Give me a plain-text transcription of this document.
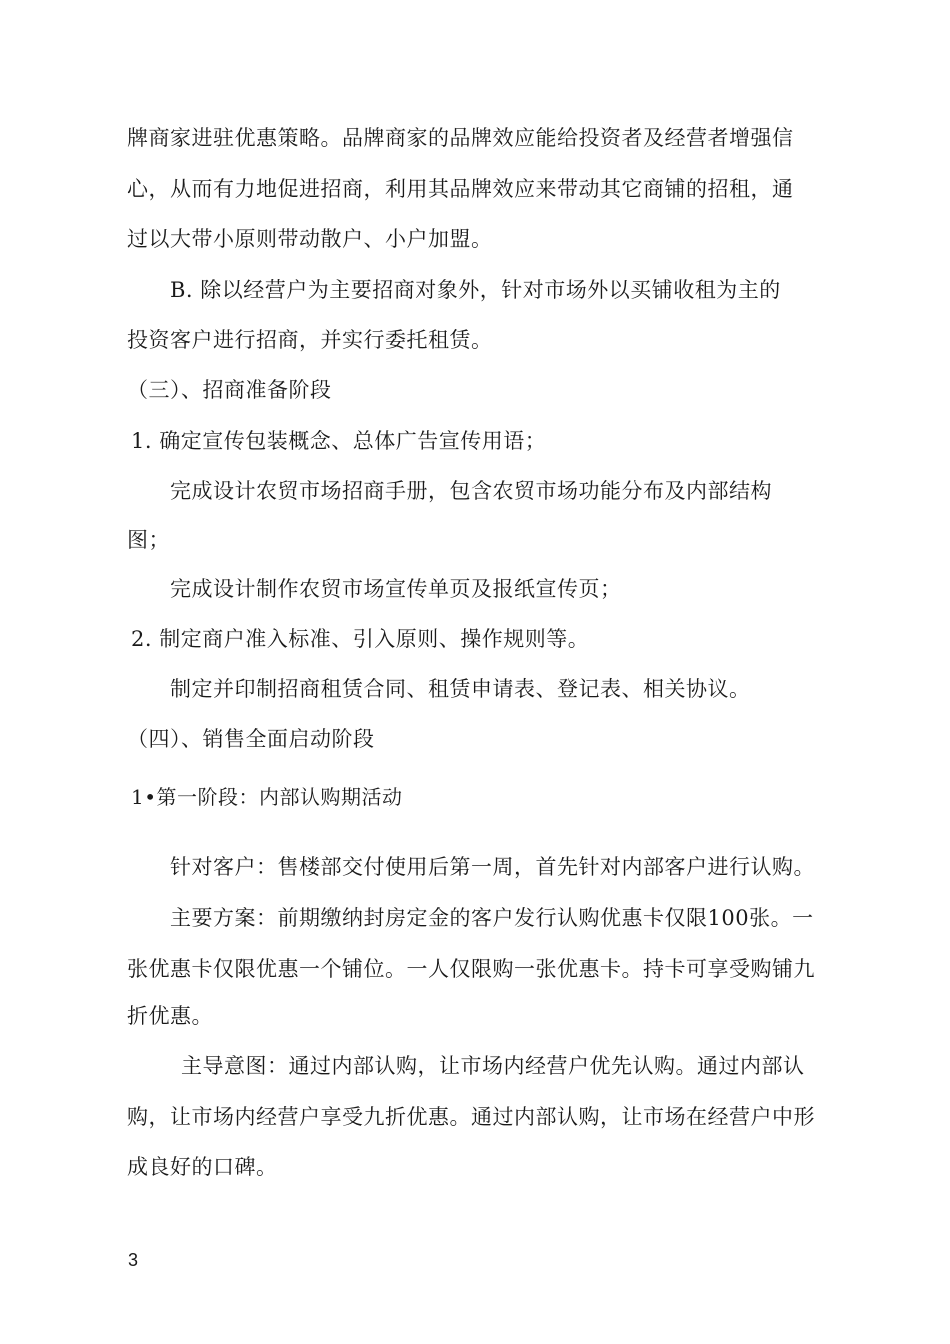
牌商家进驻优惠策略。品牌商家的品牌效应能给投资者及经营者增强信
心，从而有力地促进招商，利用其品牌效应来带动其它商铺的招租，通
过以大带小原则带动散户、小户加盟。
B. 除以经营户为主要招商对象外，针对市场外以买铺收租为主的
投资客户进行招商，并实行委托租赁。
（三）、招商准备阶段
1. 确定宣传包装概念、总体广告宣传用语；
完成设计农贸市场招商手册，包含农贸市场功能分布及内部结构
图；
完成设计制作农贸市场宣传单页及报纸宣传页；
2. 制定商户准入标准、引入原则、操作规则等。
制定并印制招商租赁合同、租赁申请表、登记表、相关协议。
（四）、销售全面启动阶段
1•第一阶段：内部认购期活动
针对客户：售楼部交付使用后第一周，首先针对内部客户进行认购。
主要方案：前期缴纳封房定金的客户发行认购优惠卡仅限100张。一
张优惠卡仅限优惠一个铺位。一人仅限购一张优惠卡。持卡可享受购铺九
折优惠。
主导意图：通过内部认购，让市场内经营户优先认购。通过内部认
购，让市场内经营户享受九折优惠。通过内部认购，让市场在经营户中形
成良好的口碑。
3
